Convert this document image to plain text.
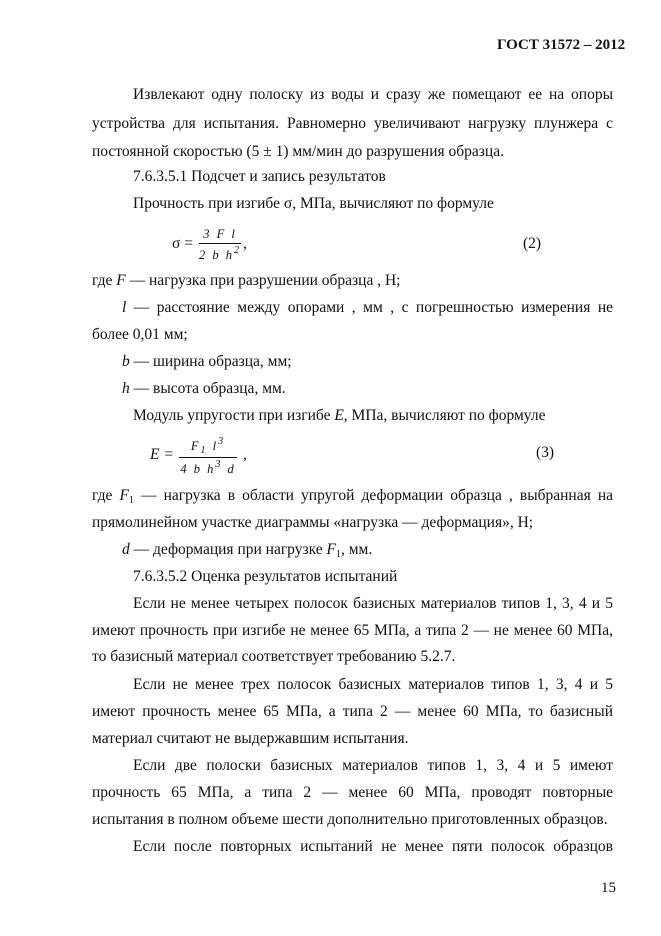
ГОСТ 31572 – 2012
Извлекают одну полоску из воды и сразу же помещают ее на опоры
устройства для испытания. Равномерно увеличивают нагрузку плунжера с
постоянной скоростью (5 ± 1) мм/мин до разрушения образца.
7.6.3.5.1 Подсчет и запись результатов
Прочность при изгибе σ, МПа, вычисляют по формуле
σ =
3 F l
2 b $h^2$ ,	(2)
где F — нагрузка при разрушении образца , Н;
l — расстояние между опорами , мм , с погрешностью измерения не
более 0,01 мм;
b — ширина образца, мм;
h — высота образца, мм.
Модуль упругости при изгибе E, МПа, вычисляют по формуле
E =	$F_1$ $l^3$
4 b $h^3$ d
,	(3)
где $F_1$ — нагрузка в области упругой деформации образца , выбранная на
прямолинейном участке диаграммы «нагрузка — деформация», Н;
d — деформация при нагрузке $F_1$, мм.
7.6.3.5.2 Оценка результатов испытаний
Если не менее четырех полосок базисных материалов типов 1, 3, 4 и 5
имеют прочность при изгибе не менее 65 МПа, а типа 2 — не менее 60 МПа,
то базисный материал соответствует требованию 5.2.7.
Если не менее трех полосок базисных материалов типов 1, 3, 4 и 5
имеют прочность менее 65 МПа, а типа 2 — менее 60 МПа, то базисный
материал считают не выдержавшим испытания.
Если две полоски базисных материалов типов 1, 3, 4 и 5 имеют
прочность 65 МПа, а типа 2 — менее 60 МПа, проводят повторные
испытания в полном объеме шести дополнительно приготовленных образцов.
Если после повторных испытаний не менее пяти полосок образцов
15
